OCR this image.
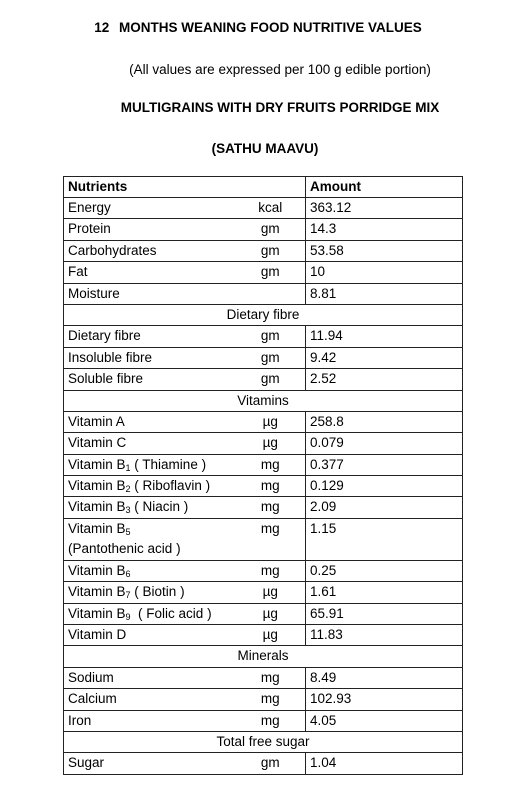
12 MONTHS WEANING FOOD NUTRITIVE VALUES
(All values are expressed per 100 g edible portion)
MULTIGRAINS WITH DRY FRUITS PORRIDGE MIX
(SATHU MAAVU)
Nutrients		Amount
Energy	kcal	363.12
Protein	gm	14.3
Carbohydrates	gm	53.58
Fat	gm	10
Moisture		8.81
Dietary fibre		
Dietary fibre	gm	11.94
Insoluble fibre	gm	9.42
Soluble fibre	gm	2.52
Vitamins		
Vitamin A	µg	258.8
Vitamin C	µg	0.079
Vitamin $B_1$ ( Thiamine )	mg	0.377
Vitamin $B_2$ ( Riboflavin )	mg	0.129
Vitamin $B_3$ ( Niacin )	mg	2.09
Vitamin $B_5$
(Pantothenic acid )	mg	1.15
Vitamin $B_6$	mg	0.25
Vitamin $B_7$ ( Biotin )	µg	1.61
Vitamin $B_9$  ( Folic acid )	µg	65.91
Vitamin D	µg	11.83
Minerals		
Sodium	mg	8.49
Calcium	mg	102.93
Iron	mg	4.05
Total free sugar		
Sugar	gm	1.04
